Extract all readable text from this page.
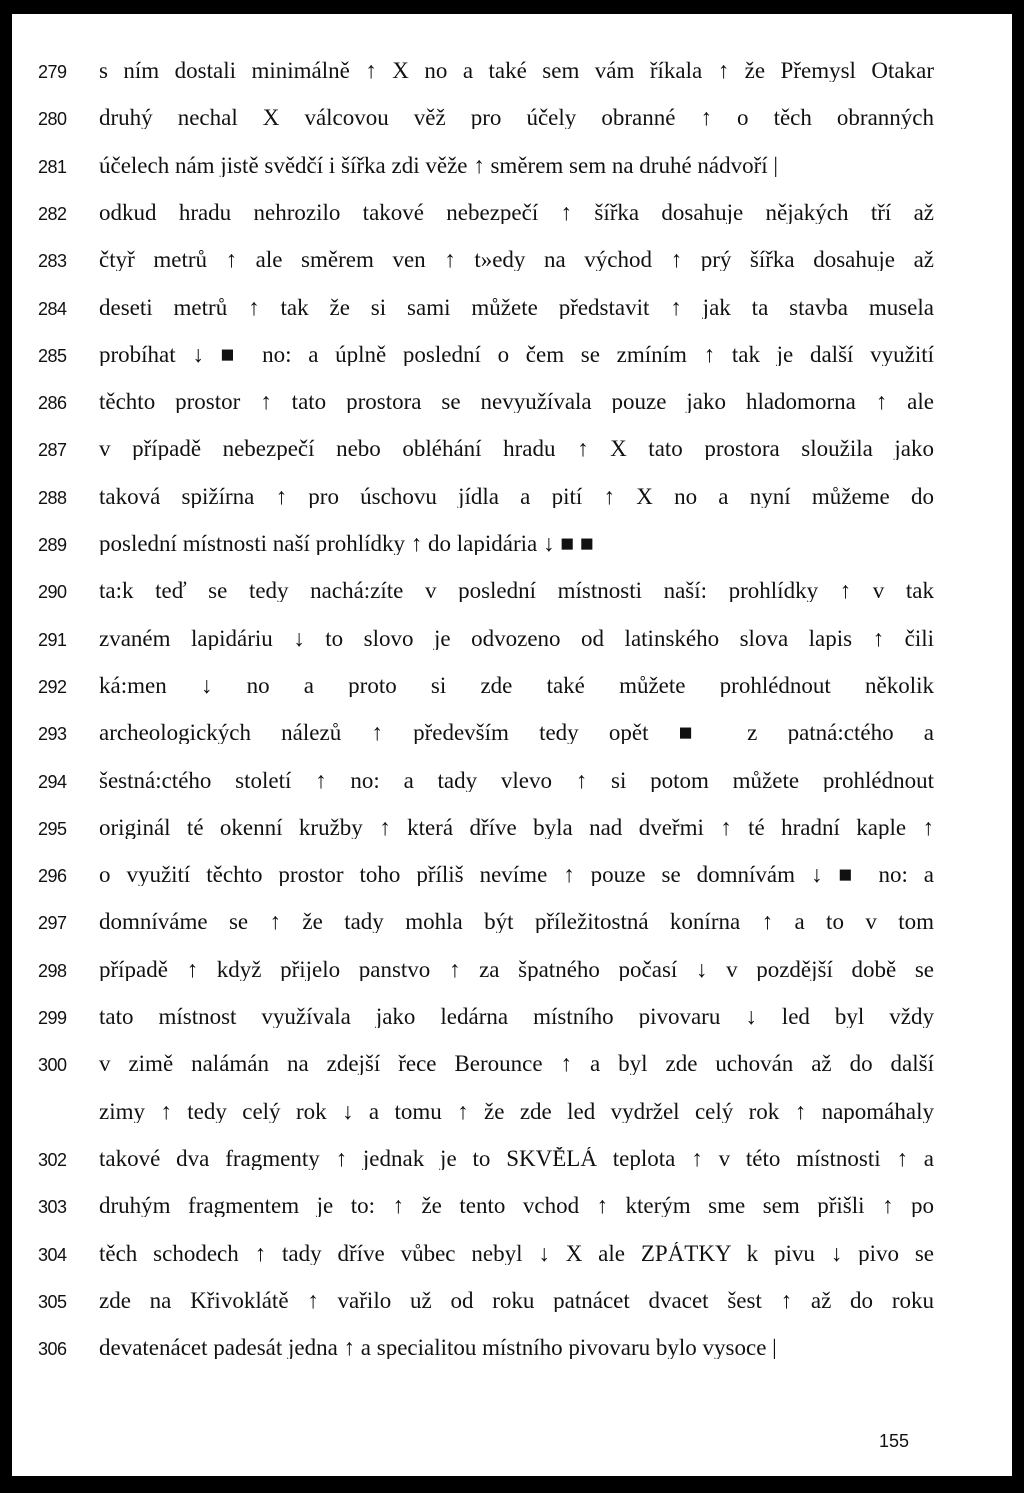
279	s ním dostali minimálně ↑ X no a také sem vám říkala ↑ že Přemysl Otakar
280	druhý nechal X válcovou věž pro účely obranné ↑ o těch obranných
281	účelech nám jistě svědčí i šířka zdi věže ↑ směrem sem na druhé nádvoří |
282	odkud hradu nehrozilo takové nebezpečí ↑ šířka dosahuje nějakých tří až
283	čtyř metrů ↑ ale směrem ven ↑ t»edy na východ ↑ prý šířka dosahuje až
284	deseti metrů ↑ tak že si sami můžete představit ↑ jak ta stavba musela
285	probíhat ↓ ■ no: a úplně poslední o čem se zmíním ↑ tak je další využití
286	těchto prostor ↑ tato prostora se nevyužívala pouze jako hladomorna ↑ ale
287	v případě nebezpečí nebo obléhání hradu ↑ X tato prostora sloužila jako
288	taková spižírna ↑ pro úschovu jídla a pití ↑ X no a nyní můžeme do
289	poslední místnosti naší prohlídky ↑ do lapidária ↓ ■ ■
290	ta:k teď se tedy nachá:zíte v poslední místnosti naší: prohlídky ↑ v tak
291	zvaném lapidáriu ↓ to slovo je odvozeno od latinského slova lapis ↑ čili
292	ká:men ↓ no a proto si zde také můžete prohlédnout několik
293	archeologických nálezů ↑ především tedy opět ■ z patná:ctého a
294	šestná:ctého století ↑ no: a tady vlevo ↑ si potom můžete prohlédnout
295	originál té okenní kružby ↑ která dříve byla nad dveřmi ↑ té hradní kaple ↑
296	o využití těchto prostor toho příliš nevíme ↑ pouze se domnívám ↓ ■ no: a
297	domníváme se ↑ že tady mohla být příležitostná konírna ↑ a to v tom
298	případě ↑ když přijelo panstvo ↑ za špatného počasí ↓ v pozdější době se
299	tato místnost využívala jako ledárna místního pivovaru ↓ led byl vždy
300	v zimě nalámán na zdejší řece Berounce ↑ a byl zde uchován až do další
zimy ↑ tedy celý rok ↓ a tomu ↑ že zde led vydržel celý rok ↑ napomáhaly
302	takové dva fragmenty ↑ jednak je to SKVĚLÁ teplota ↑ v této místnosti ↑ a
303	druhým fragmentem je to: ↑ že tento vchod ↑ kterým sme sem přišli ↑ po
304	těch schodech ↑ tady dříve vůbec nebyl ↓ X ale ZPÁTKY k pivu ↓ pivo se
305	zde na Křivoklátě ↑ vařilo už od roku patnácet dvacet šest ↑ až do roku
306	devatenácet padesát jedna ↑ a specialitou místního pivovaru bylo vysoce |
155
